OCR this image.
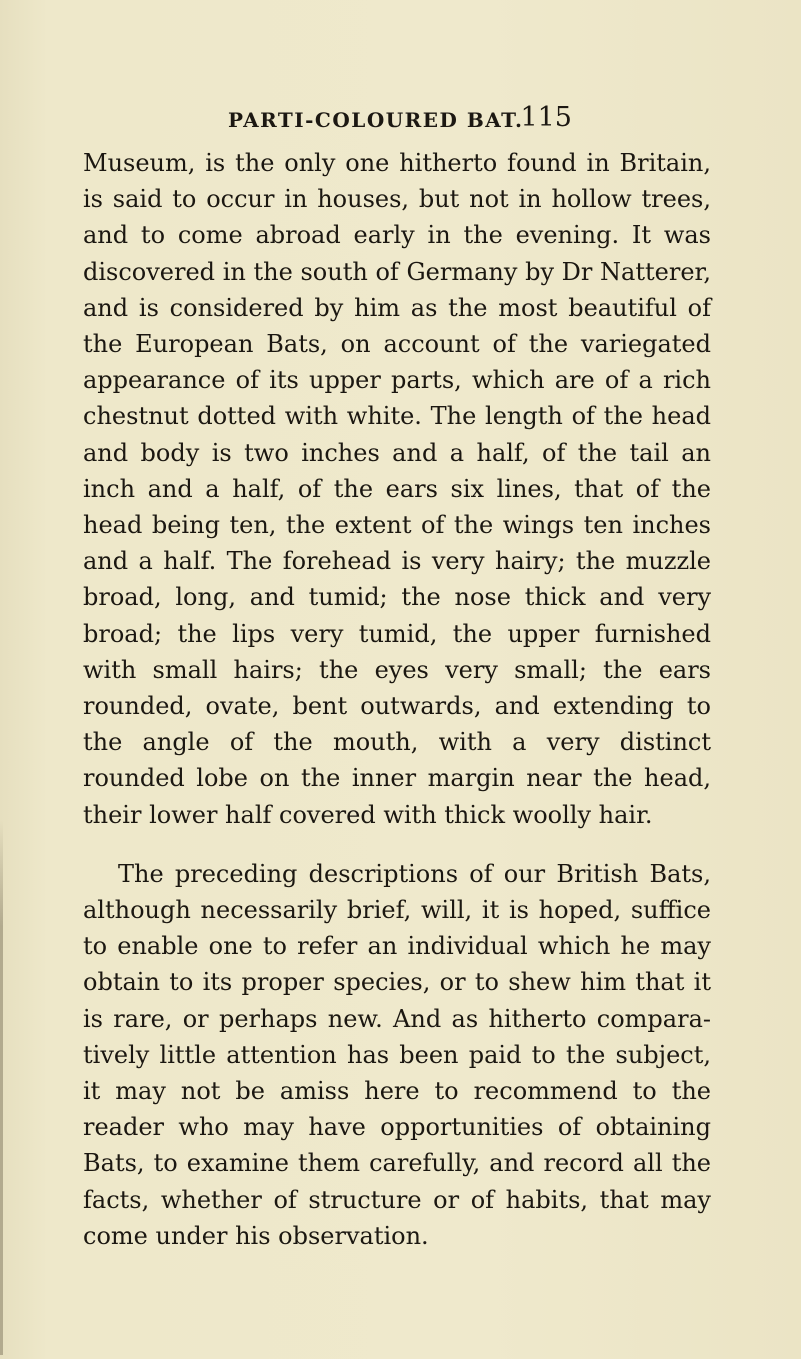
PARTI-COLOURED BAT.
115

Museum, is the only one hitherto found in Britain, is said to occur in houses, but not in hollow trees, and to come abroad early in the evening. It was discovered in the south of Germany by Dr Natterer, and is considered by him as the most beautiful of the European Bats, on account of the variegated appearance of its upper parts, which are of a rich chestnut dotted with white. The length of the head and body is two inches and a half, of the tail an inch and a half, of the ears six lines, that of the head being ten, the extent of the wings ten inches and a half. The forehead is very hairy; the muzzle broad, long, and tumid; the nose thick and very broad; the lips very tumid, the upper furnished with small hairs; the eyes very small; the ears rounded, ovate, bent outwards, and extending to the angle of the mouth, with a very distinct rounded lobe on the inner margin near the head, their lower half covered with thick woolly hair.

The preceding descriptions of our British Bats, although necessarily brief, will, it is hoped, suffice to enable one to refer an individual which he may obtain to its proper species, or to shew him that it is rare, or perhaps new. And as hitherto comparatively little attention has been paid to the subject, it may not be amiss here to recommend to the reader who may have opportunities of obtaining Bats, to examine them carefully, and record all the facts, whether of structure or of habits, that may come under his observation.
